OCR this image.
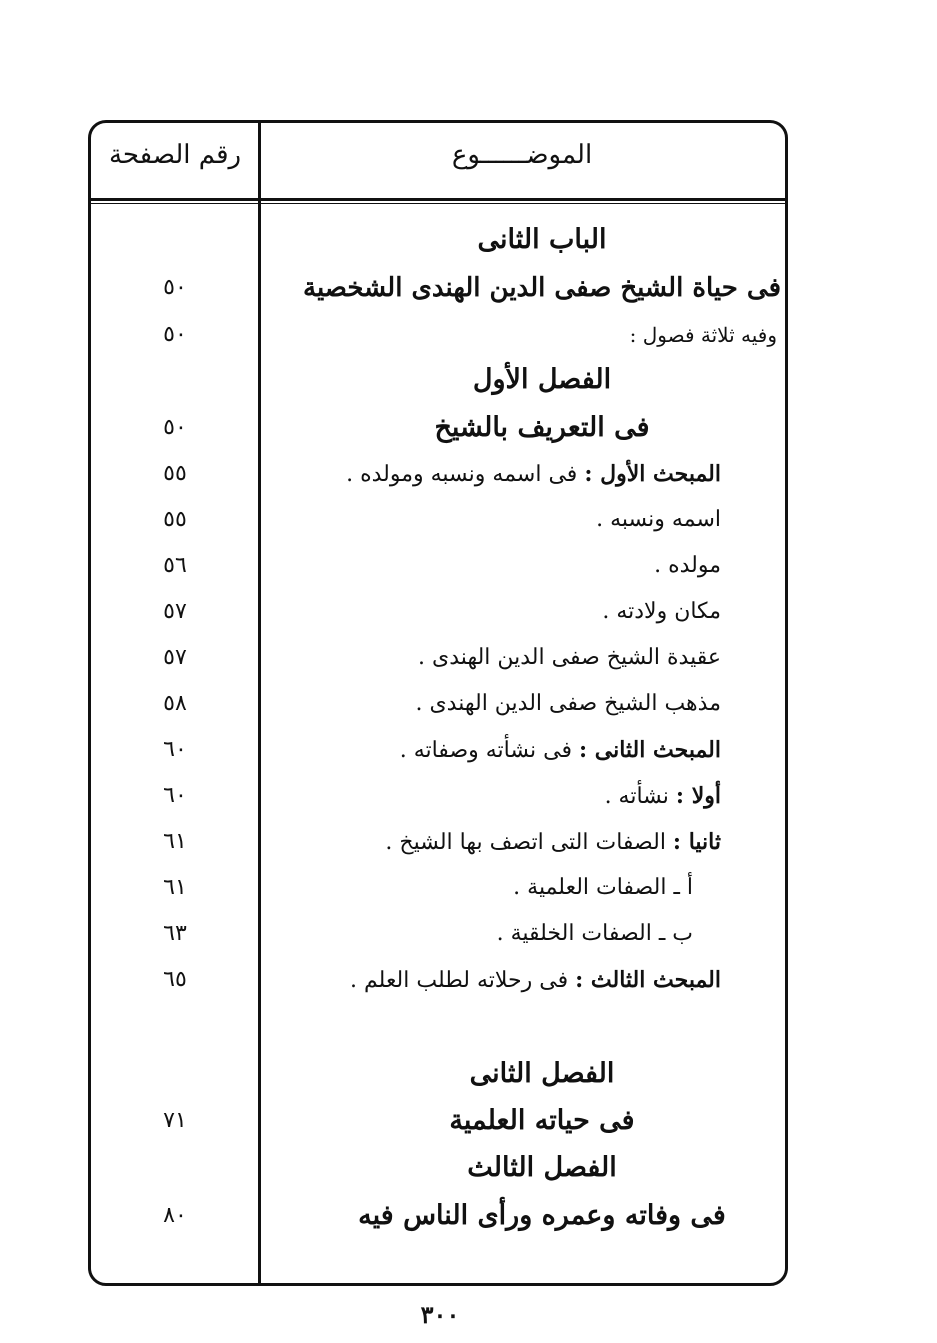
الموضــــــوع
رقم الصفحة
الباب الثانى
فى حياة الشيخ صفى الدين الهندى الشخصية
٥٠
وفيه ثلاثة فصول :
٥٠
الفصل الأول
فى التعريف بالشيخ
٥٠
المبحث الأول : فى اسمه ونسبه ومولده .
٥٥
اسمه ونسبه .
٥٥
مولده .
٥٦
مكان ولادته .
٥٧
عقيدة الشيخ صفى الدين الهندى .
٥٧
مذهب الشيخ صفى الدين الهندى .
٥٨
المبحث الثانى : فى نشأته وصفاته .
٦٠
أولا : نشأته .
٦٠
ثانيا : الصفات التى اتصف بها الشيخ .
٦١
أ ـ الصفات العلمية .
٦١
ب ـ الصفات الخلقية .
٦٣
المبحث الثالث : فى رحلاته لطلب العلم .
٦٥
الفصل الثانى
فى حياته العلمية
٧١
الفصل الثالث
فى وفاته وعمره ورأى الناس فيه
٨٠
٣٠٠
